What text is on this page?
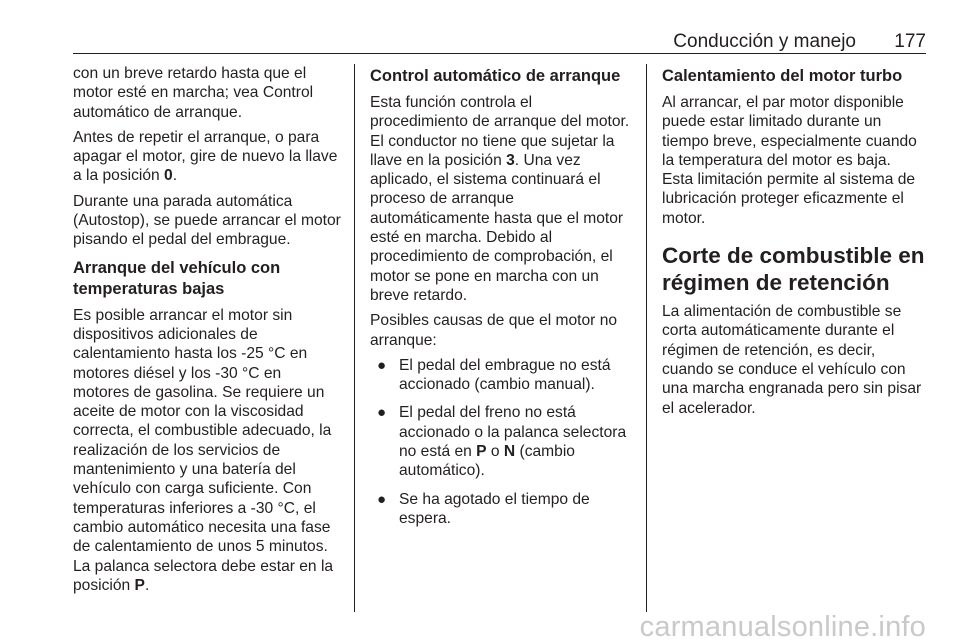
Conducción y manejo 177

con un breve retardo hasta que el motor esté en marcha; vea Control automático de arranque.

Antes de repetir el arranque, o para apagar el motor, gire de nuevo la llave a la posición 0.

Durante una parada automática (Autostop), se puede arrancar el motor pisando el pedal del embrague.

Arranque del vehículo con temperaturas bajas

Es posible arrancar el motor sin dispositivos adicionales de calentamiento hasta los -25 °C en motores diésel y los -30 °C en motores de gasolina. Se requiere un aceite de motor con la viscosidad correcta, el combustible adecuado, la realización de los servicios de mantenimiento y una batería del vehículo con carga suficiente. Con temperaturas inferiores a -30 °C, el cambio automático necesita una fase de calentamiento de unos 5 minutos. La palanca selectora debe estar en la posición P.

Control automático de arranque

Esta función controla el procedimiento de arranque del motor. El conductor no tiene que sujetar la llave en la posición 3. Una vez aplicado, el sistema continuará el proceso de arranque automáticamente hasta que el motor esté en marcha. Debido al procedimiento de comprobación, el motor se pone en marcha con un breve retardo.

Posibles causas de que el motor no arranque:

● El pedal del embrague no está accionado (cambio manual).
● El pedal del freno no está accionado o la palanca selectora no está en P o N (cambio automático).
● Se ha agotado el tiempo de espera.
Calentamiento del motor turbo

Al arrancar, el par motor disponible puede estar limitado durante un tiempo breve, especialmente cuando la temperatura del motor es baja. Esta limitación permite al sistema de lubricación proteger eficazmente el motor.

Corte de combustible en régimen de retención

La alimentación de combustible se corta automáticamente durante el régimen de retención, es decir, cuando se conduce el vehículo con una marcha engranada pero sin pisar el acelerador.

carmanualsonline.info
